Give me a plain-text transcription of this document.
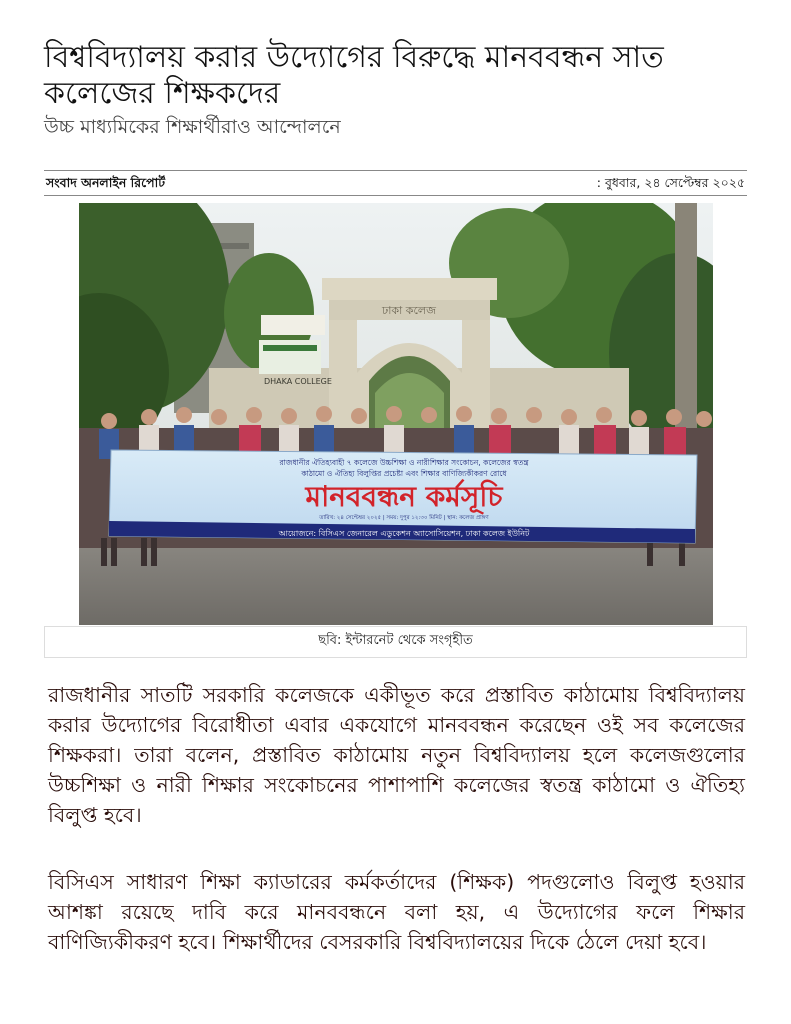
বিশ্ববিদ্যালয় করার উদ্যোগের বিরুদ্ধে মানববন্ধন সাত কলেজের শিক্ষকদের
উচ্চ মাধ্যমিকের শিক্ষার্থীরাও আন্দোলনে
সংবাদ অনলাইন রিপোর্ট	: বুধবার, ২৪ সেপ্টেম্বর ২০২৫
ঢাকা কলেজ
DHAKA COLLEGE
রাজধানীর ঐতিহ্যবাহী ৭ কলেজে উচ্চশিক্ষা ও নারীশিক্ষার সংকোচন, কলেজের স্বতন্ত্র
কাঠামো ও ঐতিহ্য বিলুপ্তির প্রচেষ্টা এবং শিক্ষার বাণিজ্যিকীকরণ রোধে
মানববন্ধন কর্মসূচি
তারিখ: ২৪ সেপ্টেম্বর ২০২৫ | সময়: দুপুর ১২:৩০ মিনিট | স্থান: কলেজ প্রাঙ্গণ
আয়োজনে: বিসিএস জেনারেল এডুকেশন অ্যাসোসিয়েশন, ঢাকা কলেজ ইউনিট
ছবি: ইন্টারনেট থেকে সংগৃহীত

রাজধানীর সাতটি সরকারি কলেজকে একীভূত করে প্রস্তাবিত কাঠামোয় বিশ্ববিদ্যালয় করার উদ্যোগের বিরোধীতা এবার একযোগে মানববন্ধন করেছেন ওই সব কলেজের শিক্ষকরা। তারা বলেন, প্রস্তাবিত কাঠামোয় নতুন বিশ্ববিদ্যালয় হলে কলেজগুলোর উচ্চশিক্ষা ও নারী শিক্ষার সংকোচনের পাশাপাশি কলেজের স্বতন্ত্র কাঠামো ও ঐতিহ্য বিলুপ্ত হবে।

বিসিএস সাধারণ শিক্ষা ক্যাডারের কর্মকর্তাদের (শিক্ষক) পদগুলোও বিলুপ্ত হওয়ার আশঙ্কা রয়েছে দাবি করে মানববন্ধনে বলা হয়, এ উদ্যোগের ফলে শিক্ষার বাণিজ্যিকীকরণ হবে। শিক্ষার্থীদের বেসরকারি বিশ্ববিদ্যালয়ের দিকে ঠেলে দেয়া হবে।
